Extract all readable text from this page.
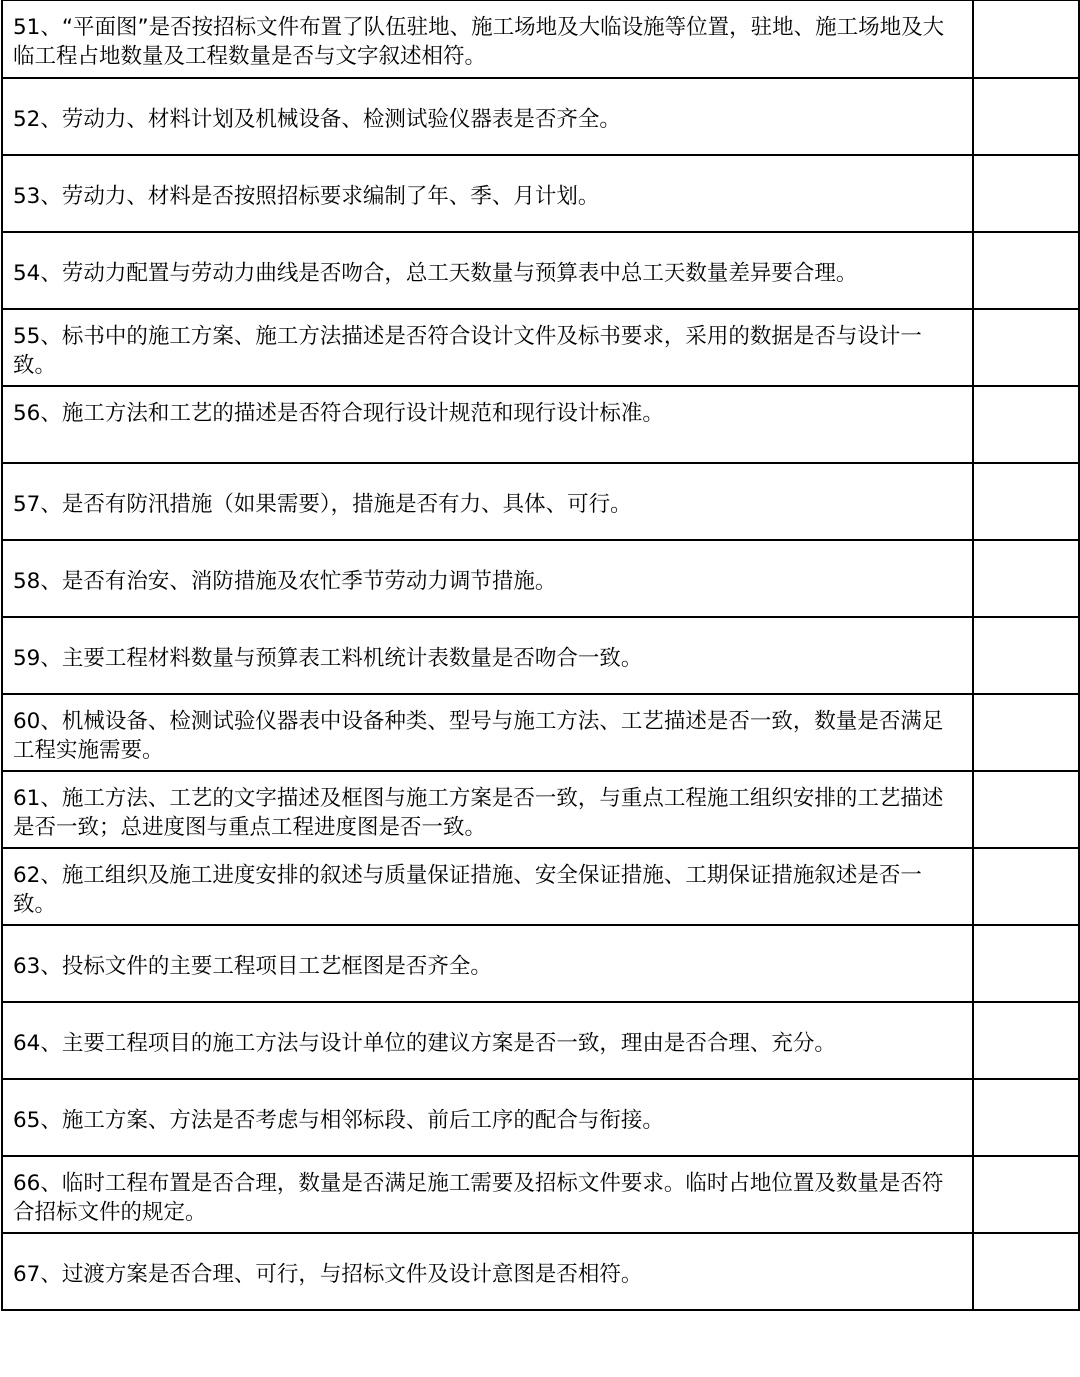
51、“平面图”是否按招标文件布置了队伍驻地、施工场地及大临设施等位置，驻地、施工场地及大临工程占地数量及工程数量是否与文字叙述相符。	

52、劳动力、材料计划及机械设备、检测试验仪器表是否齐全。	

53、劳动力、材料是否按照招标要求编制了年、季、月计划。	

54、劳动力配置与劳动力曲线是否吻合，总工天数量与预算表中总工天数量差异要合理。	

55、标书中的施工方案、施工方法描述是否符合设计文件及标书要求，采用的数据是否与设计一致。	

56、施工方法和工艺的描述是否符合现行设计规范和现行设计标准。	

57、是否有防汛措施（如果需要），措施是否有力、具体、可行。	

58、是否有治安、消防措施及农忙季节劳动力调节措施。	

59、主要工程材料数量与预算表工料机统计表数量是否吻合一致。	

60、机械设备、检测试验仪器表中设备种类、型号与施工方法、工艺描述是否一致，数量是否满足工程实施需要。	

61、施工方法、工艺的文字描述及框图与施工方案是否一致，与重点工程施工组织安排的工艺描述是否一致；总进度图与重点工程进度图是否一致。	

62、施工组织及施工进度安排的叙述与质量保证措施、安全保证措施、工期保证措施叙述是否一致。	

63、投标文件的主要工程项目工艺框图是否齐全。	

64、主要工程项目的施工方法与设计单位的建议方案是否一致，理由是否合理、充分。	

65、施工方案、方法是否考虑与相邻标段、前后工序的配合与衔接。	

66、临时工程布置是否合理，数量是否满足施工需要及招标文件要求。临时占地位置及数量是否符合招标文件的规定。	

67、过渡方案是否合理、可行，与招标文件及设计意图是否相符。	
